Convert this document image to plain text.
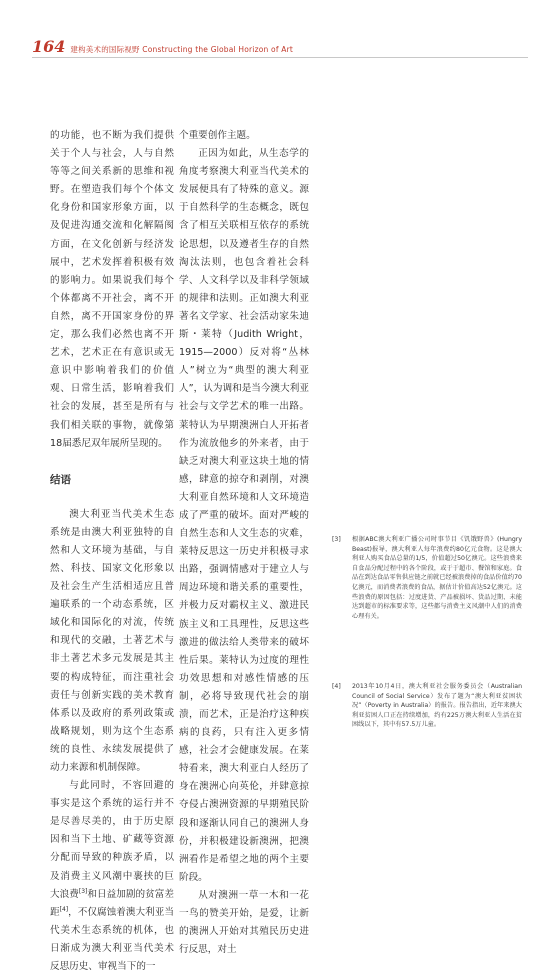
164 建构美术的国际视野 Constructing the Global Horizon of Art

的功能，也不断为我们提供关于个人与社会，人与自然等等之间关系新的思维和视野。在塑造我们每个个体文化身份和国家形象方面，以及促进沟通交流和化解隔阂方面，在文化创新与经济发展中，艺术发挥着积极有效的影响力。如果说我们每个个体都离不开社会，离不开自然，离不开国家身份的界定，那么我们必然也离不开艺术，艺术正在有意识或无意识中影响着我们的价值观、日常生活，影响着我们社会的发展，甚至是所有与我们相关联的事物，就像第18届悉尼双年展所呈现的。

结语

澳大利亚当代美术生态系统是由澳大利亚独特的自然和人文环境为基础，与自然、科技、国家文化形象以及社会生产生活相适应且普遍联系的一个动态系统，区域化和国际化的对流，传统和现代的交融，土著艺术与非土著艺术多元发展是其主要的构成特征，而注重社会责任与创新实践的美术教育体系以及政府的系列政策或战略规划，则为这个生态系统的良性、永续发展提供了动力来源和机制保障。

与此同时，不容回避的事实是这个系统的运行并不是尽善尽美的，由于历史原因和当下土地、矿藏等资源分配而导致的种族矛盾，以及消费主义风潮中裹挟的巨大浪费[3]和日益加剧的贫富差距[4]，不仅腐蚀着澳大利亚当代美术生态系统的机体，也日渐成为澳大利亚当代美术反思历史、审视当下的一

个重要创作主题。

正因为如此，从生态学的角度考察澳大利亚当代美术的发展便具有了特殊的意义。源于自然科学的生态概念，既包含了相互关联相互依存的系统论思想，以及遵者生存的自然淘汰法则，也包含着社会科学、人文科学以及非科学领域的规律和法则。正如澳大利亚著名文学家、社会活动家朱迪斯・莱特（Judith Wright，1915—2000）反对将“丛林人”树立为“典型的澳大利亚人”，认为调和是当今澳大利亚社会与文学艺术的唯一出路。莱特认为早期澳洲白人开拓者作为流放他乡的外来者，由于缺乏对澳大利亚这块土地的情感，肆意的掠夺和剥削，对澳大利亚自然环境和人文环境造成了严重的破坏。面对严峻的自然生态和人文生态的灾难，莱特反思这一历史并积极寻求出路，强调情感对于建立人与周边环境和谐关系的重要性，并极力反对霸权主义、激进民族主义和工具理性，反思这些激进的做法给人类带来的破坏性后果。莱特认为过度的理性功效思想和对感性情感的压制，必将导致现代社会的崩溃，而艺术，正是治疗这种疾病的良药，只有注入更多情感，社会才会健康发展。在莱特看来，澳大利亚白人经历了身在澳洲心向英伦，并肆意掠夺侵占澳洲资源的早期殖民阶段和逐渐认同自己的澳洲人身份，并积极建设新澳洲，把澳洲看作是希望之地的两个主要阶段。

从对澳洲一草一木和一花一鸟的赞美开始，是爱，让新的澳洲人开始对其殖民历史进行反思，对土

[3]	根据ABC澳大利亚广播公司时事节目《饥饿野兽》(Hungry Beast)报导，澳大利亚人每年浪费约80亿元食物。这是澳大利亚人购买食品总量的1/5，价值超过50亿澳元。这些浪费来自食品分配过程中的各个阶段，或于于超市、餐馆和家庭。食品在到达食品零售供应链之前就已经被浪费掉的食品价值约70亿澳元，而消费者浪费的食品，据估计价值高达52亿澳元。这些浪费的原因包括：过度进货、产品被损坏、货品过期、未能达到超市的标准要求等，这些都与消费主义风潮中人们的消费心理有关。
[4]	2013年10月4日，澳大利亚社会服务委员会（Australian Council of Social Service）发布了题为“澳大利亚贫困状况”（Poverty in Australia）的报告。报告指出，近年来澳大利亚贫困人口正在持续增加，约有225万澳大利亚人生活在贫困线以下，其中有57.5万儿童。
